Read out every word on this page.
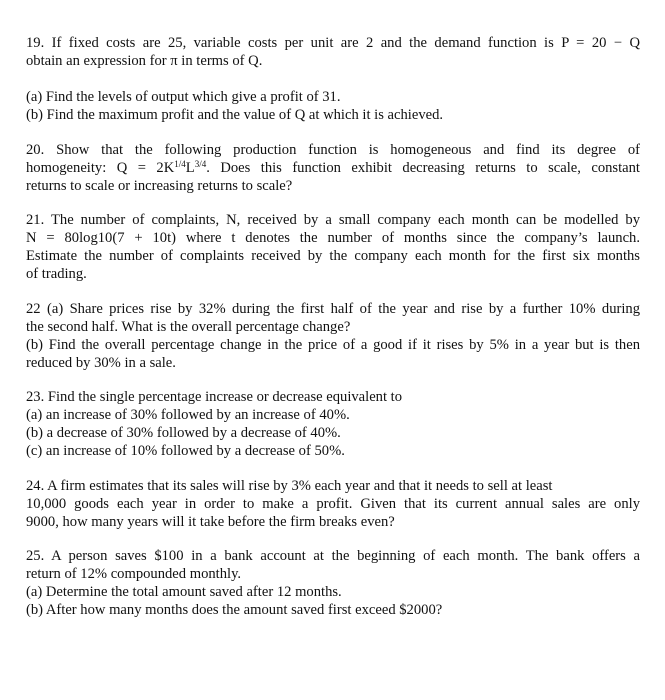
19. If fixed costs are 25, variable costs per unit are 2 and the demand function is P = 20 − Q
obtain an expression for π in terms of Q.
(a) Find the levels of output which give a profit of 31.
(b) Find the maximum profit and the value of Q at which it is achieved.
20. Show that the following production function is homogeneous and find its degree of
homogeneity: $Q = 2K^{1/4}L^{3/4}$. Does this function exhibit decreasing returns to scale, constant
returns to scale or increasing returns to scale?
21. The number of complaints, N, received by a small company each month can be modelled by
N = 80log10(7 + 10t) where t denotes the number of months since the company’s launch.
Estimate the number of complaints received by the company each month for the first six months
of trading.
22 (a) Share prices rise by 32% during the first half of the year and rise by a further 10% during
the second half. What is the overall percentage change?
(b) Find the overall percentage change in the price of a good if it rises by 5% in a year but is then
reduced by 30% in a sale.
23. Find the single percentage increase or decrease equivalent to
(a) an increase of 30% followed by an increase of 40%.
(b) a decrease of 30% followed by a decrease of 40%.
(c) an increase of 10% followed by a decrease of 50%.
24. A firm estimates that its sales will rise by 3% each year and that it needs to sell at least
10,000 goods each year in order to make a profit. Given that its current annual sales are only
9000, how many years will it take before the firm breaks even?
25. A person saves $100 in a bank account at the beginning of each month. The bank offers a
return of 12% compounded monthly.
(a) Determine the total amount saved after 12 months.
(b) After how many months does the amount saved first exceed $2000?
